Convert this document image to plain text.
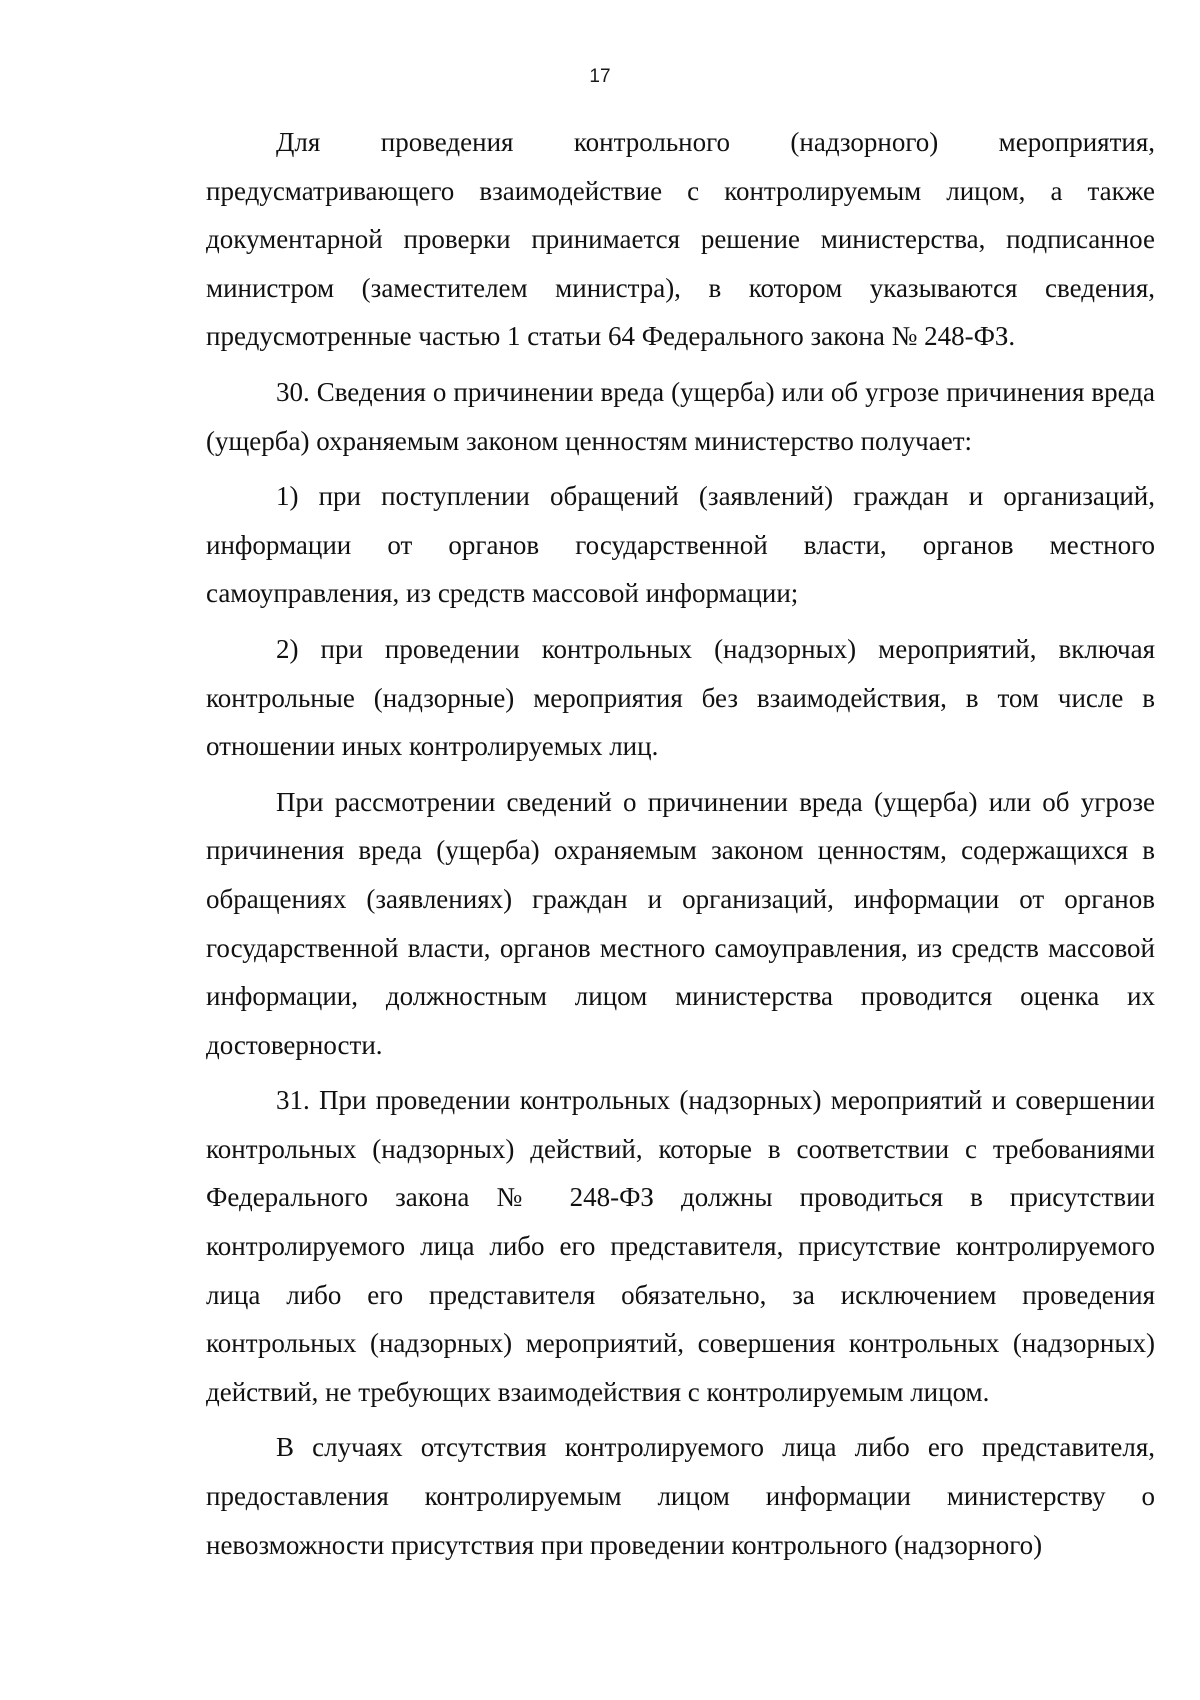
17

Для проведения контрольного (надзорного) мероприятия, предусматривающего взаимодействие с контролируемым лицом, а также документарной проверки принимается решение министерства, подписанное министром (заместителем министра), в котором указываются сведения, предусмотренные частью 1 статьи 64 Федерального закона № 248-ФЗ.

30. Сведения о причинении вреда (ущерба) или об угрозе причинения вреда (ущерба) охраняемым законом ценностям министерство получает:

1) при поступлении обращений (заявлений) граждан и организаций, информации от органов государственной власти, органов местного самоуправления, из средств массовой информации;

2) при проведении контрольных (надзорных) мероприятий, включая контрольные (надзорные) мероприятия без взаимодействия, в том числе в отношении иных контролируемых лиц.

При рассмотрении сведений о причинении вреда (ущерба) или об угрозе причинения вреда (ущерба) охраняемым законом ценностям, содержащихся в обращениях (заявлениях) граждан и организаций, информации от органов государственной власти, органов местного самоуправления, из средств массовой информации, должностным лицом министерства проводится оценка их достоверности.

31. При проведении контрольных (надзорных) мероприятий и совершении контрольных (надзорных) действий, которые в соответствии с требованиями Федерального закона № 248-ФЗ должны проводиться в присутствии контролируемого лица либо его представителя, присутствие контролируемого лица либо его представителя обязательно, за исключением проведения контрольных (надзорных) мероприятий, совершения контрольных (надзорных) действий, не требующих взаимодействия с контролируемым лицом.

В случаях отсутствия контролируемого лица либо его представителя, предоставления контролируемым лицом информации министерству о невозможности присутствия при проведении контрольного (надзорного)
